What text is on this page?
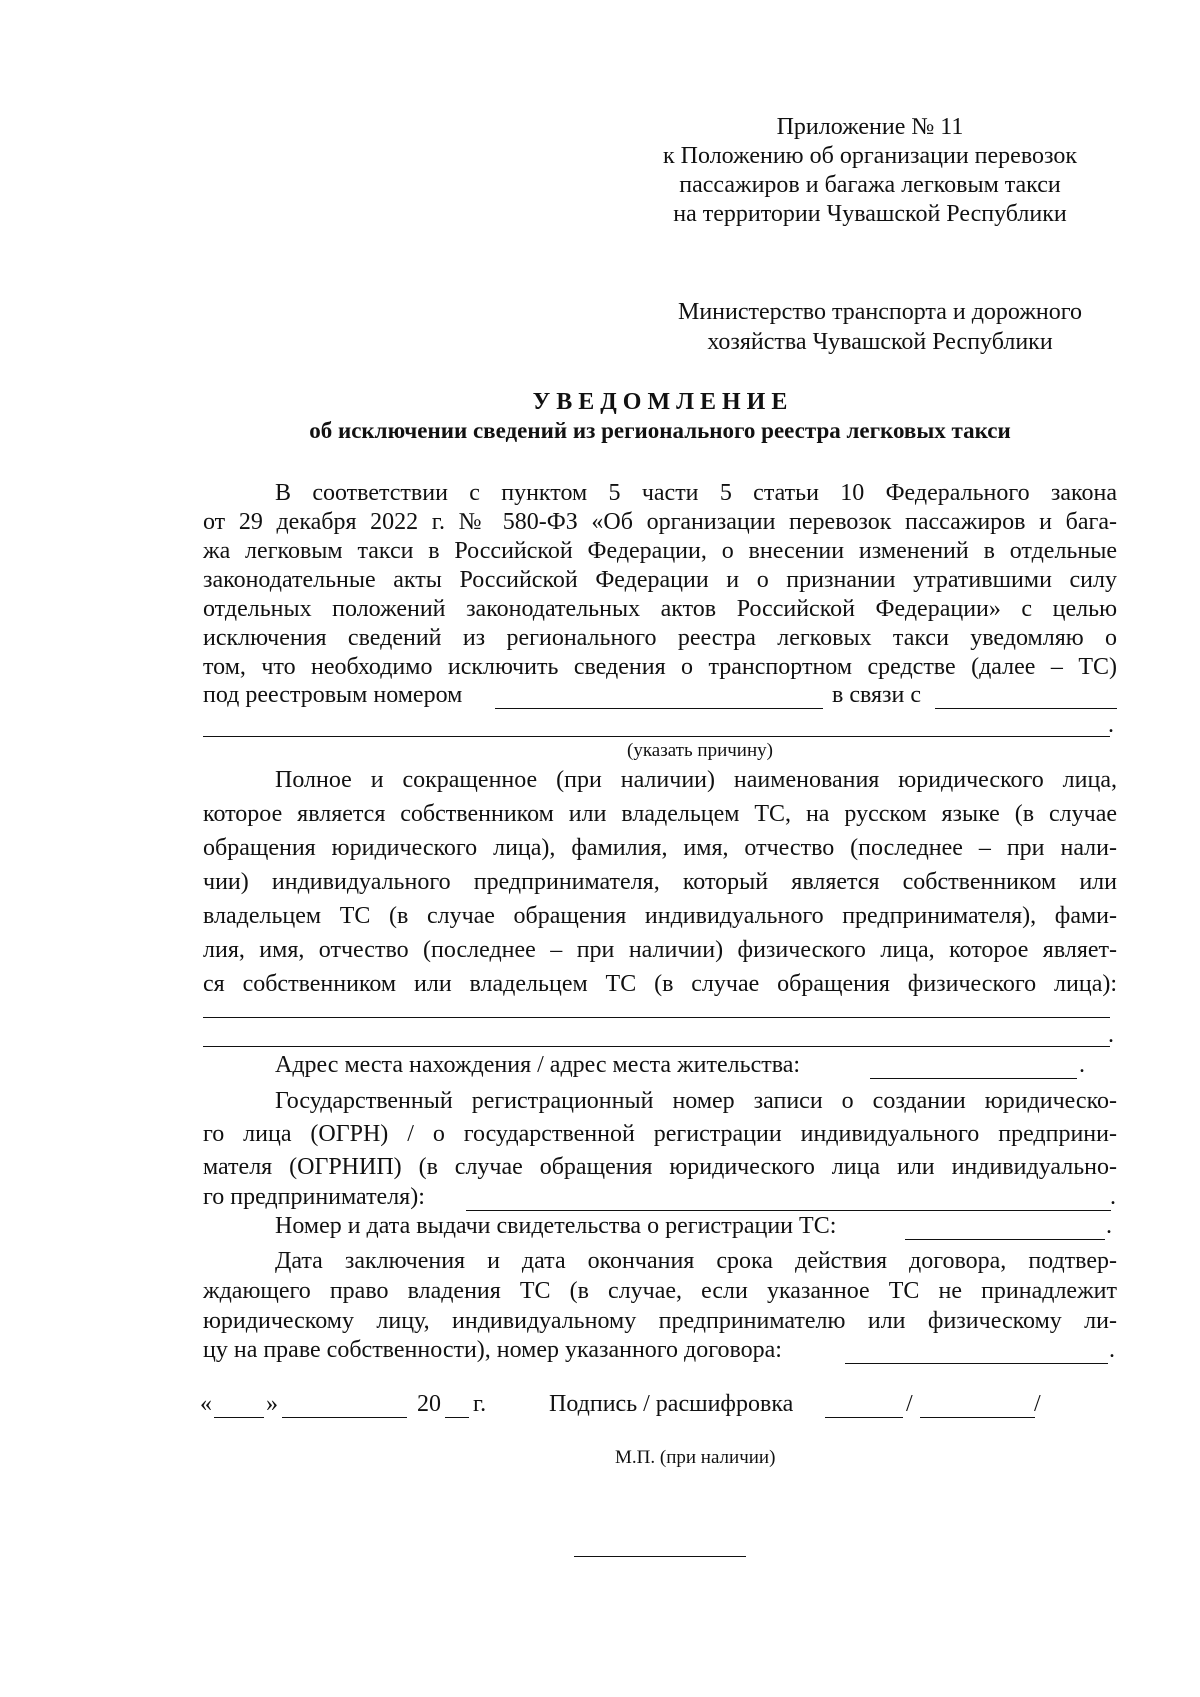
Приложение № 11
к Положению об организации перевозок
пассажиров и багажа легковым такси
на территории Чувашской Республики
Министерство транспорта и дорожного
хозяйства Чувашской Республики
У В Е Д О М Л Е Н И Е
об исключении сведений из регионального реестра легковых такси
В соответствии с пунктом 5 части 5 статьи 10 Федерального закона
от 29 декабря 2022 г. № 580-ФЗ «Об организации перевозок пассажиров и бага-
жа легковым такси в Российской Федерации, о внесении изменений в отдельные
законодательные акты Российской Федерации и о признании утратившими силу
отдельных положений законодательных актов Российской Федерации» с целью
исключения сведений из регионального реестра легковых такси уведомляю о
том, что необходимо исключить сведения о транспортном средстве (далее – ТС)
под реестровым номером	в связи с
.
(указать причину)
Полное и сокращенное (при наличии) наименования юридического лица,
которое является собственником или владельцем ТС, на русском языке (в случае
обращения юридического лица), фамилия, имя, отчество (последнее – при нали-
чии) индивидуального предпринимателя, который является собственником или
владельцем ТС (в случае обращения индивидуального предпринимателя), фами-
лия, имя, отчество (последнее – при наличии) физического лица, которое являет-
ся собственником или владельцем ТС (в случае обращения физического лица):
.
Адрес места нахождения / адрес места жительства:	.
Государственный регистрационный номер записи о создании юридическо-
го лица (ОГРН) / о государственной регистрации индивидуального предприни-
мателя (ОГРНИП) (в случае обращения юридического лица или индивидуально-
го предпринимателя):	.
Номер и дата выдачи свидетельства о регистрации ТС:	.
Дата заключения и дата окончания срока действия договора, подтвер-
ждающего право владения ТС (в случае, если указанное ТС не принадлежит
юридическому лицу, индивидуальному предпринимателю или физическому ли-
цу на праве собственности), номер указанного договора:	.
« »	20 г.	Подпись / расшифровка	/	/
М.П. (при наличии)
